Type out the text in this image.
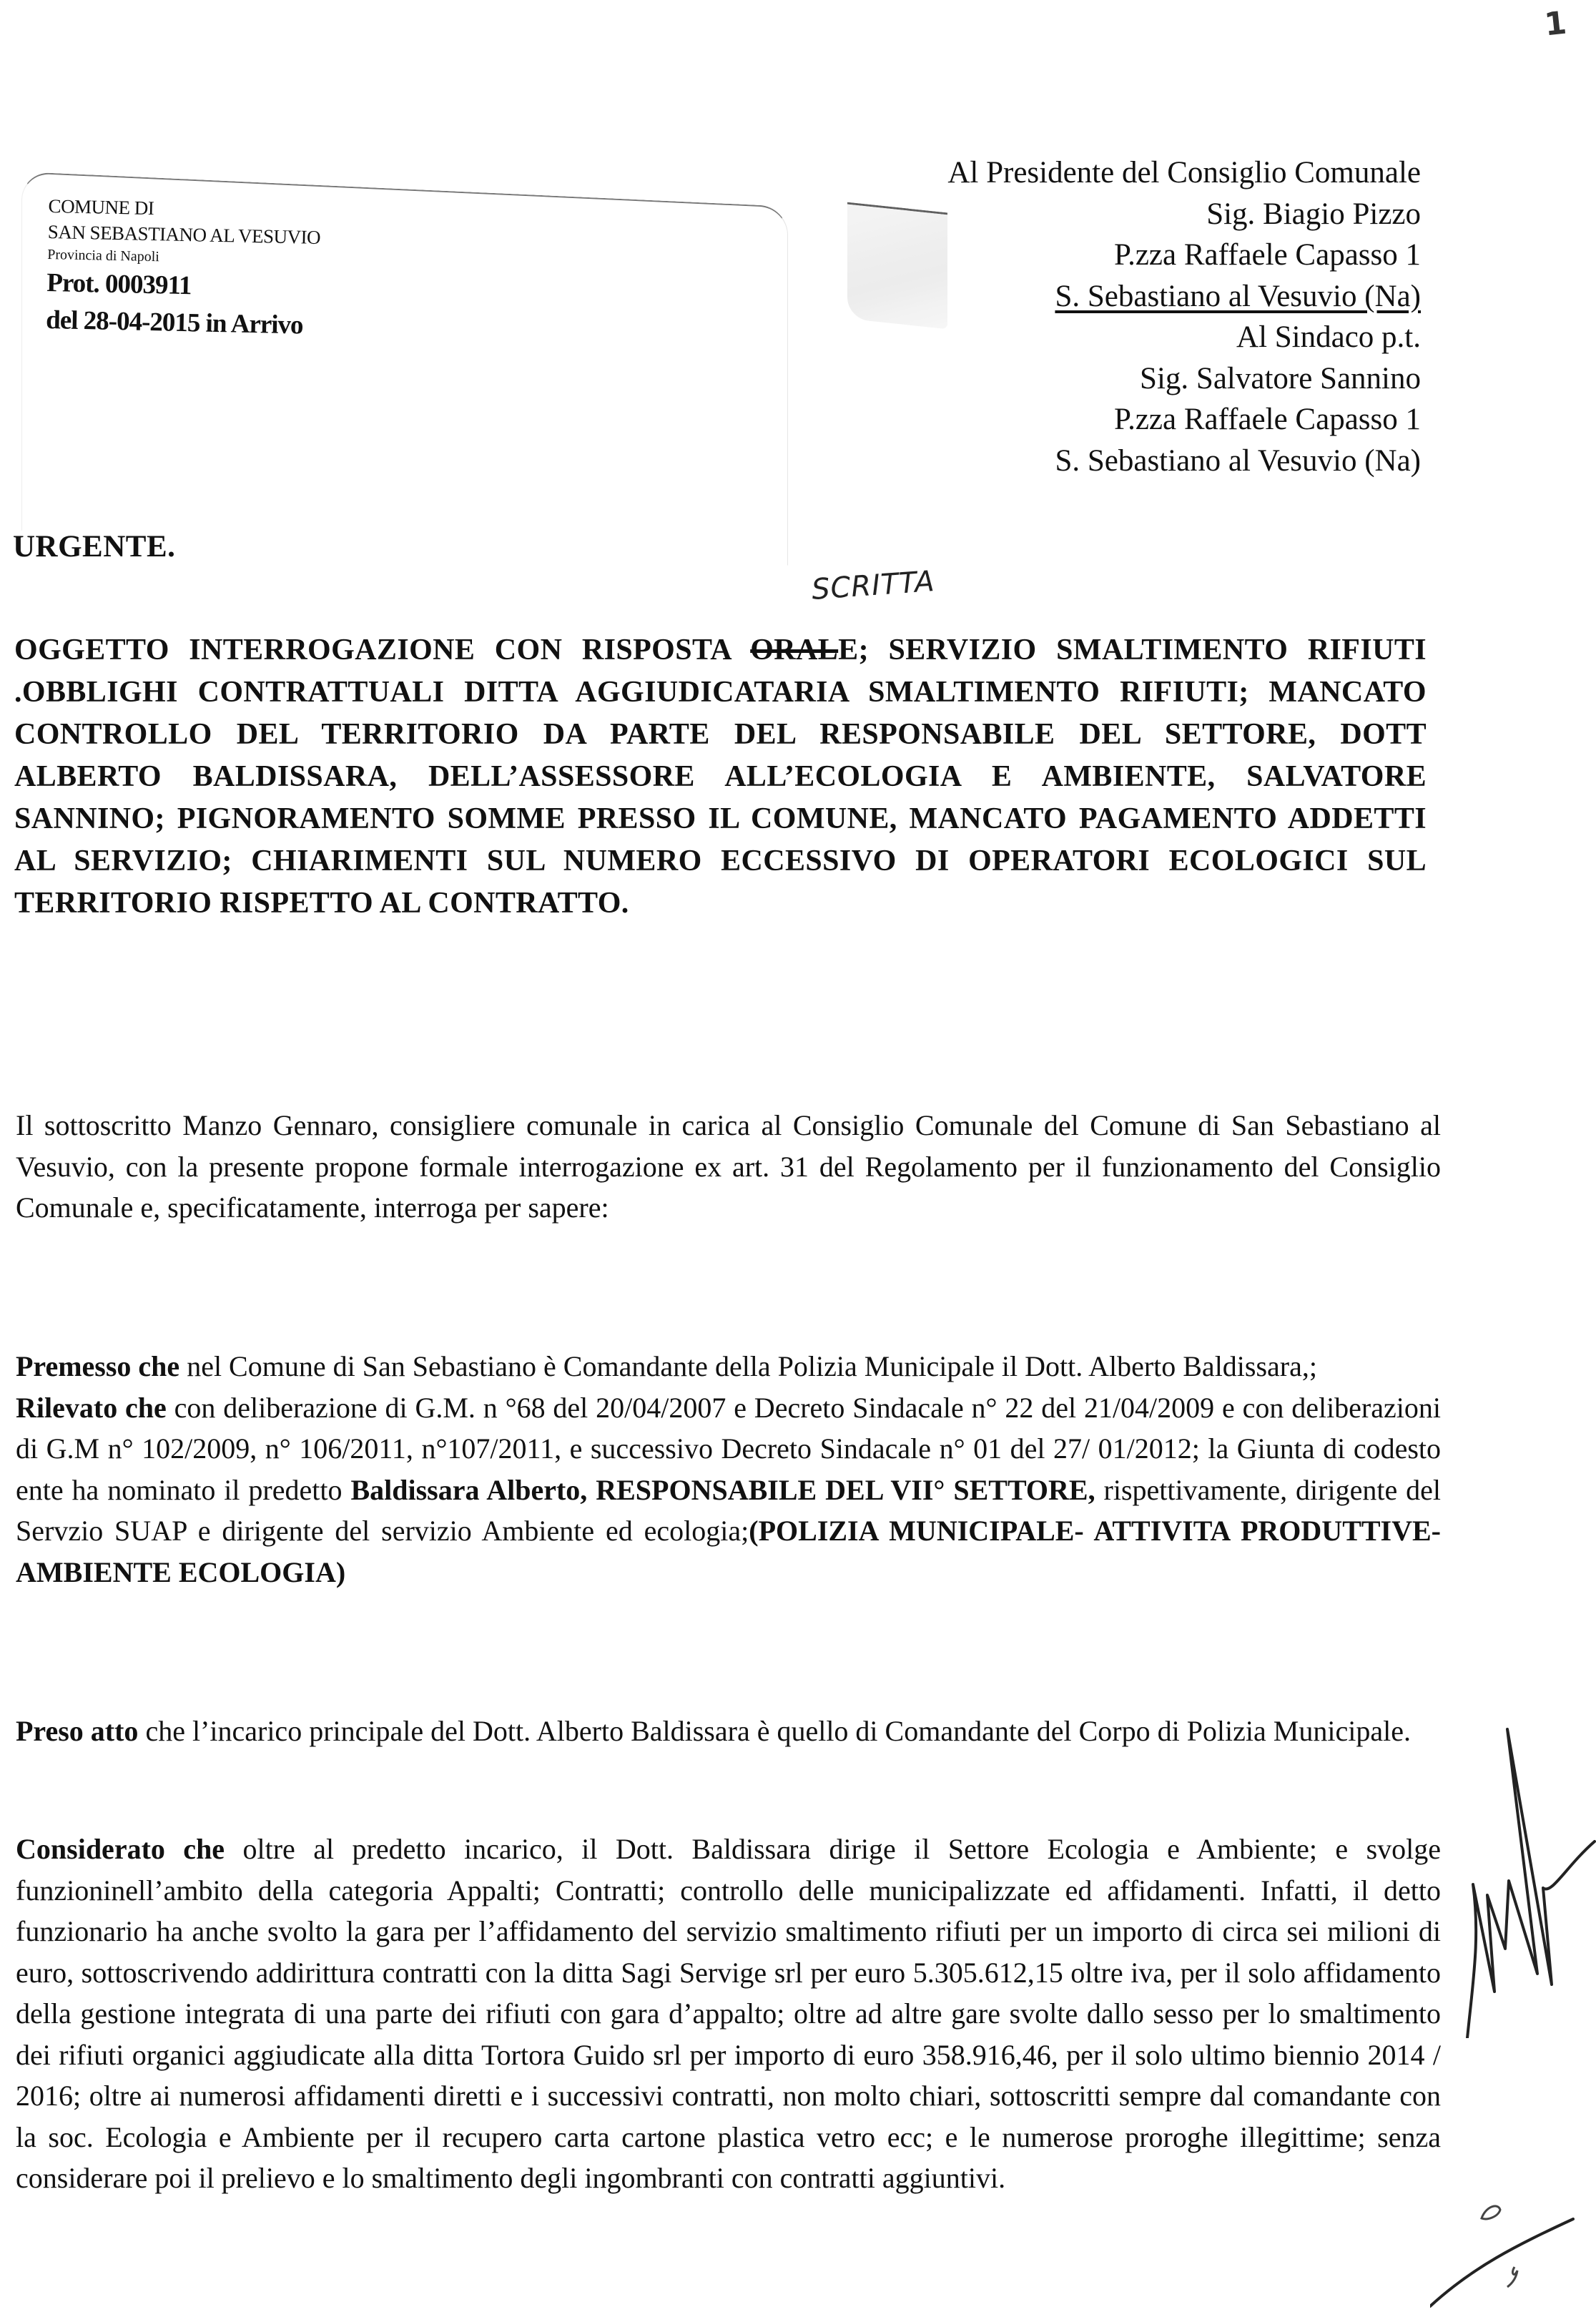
1
COMUNE DI
SAN SEBASTIANO AL VESUVIO
Provincia di Napoli
Prot. 0003911
del 28-04-2015 in Arrivo
Al Presidente del Consiglio Comunale
Sig. Biagio Pizzo
P.zza Raffaele Capasso 1
S. Sebastiano al Vesuvio (Na)
Al Sindaco p.t.
Sig. Salvatore Sannino
P.zza Raffaele Capasso 1
S. Sebastiano al Vesuvio (Na)
URGENTE.
SCRITTA
OGGETTO INTERROGAZIONE CON RISPOSTA ORALE; SERVIZIO SMALTIMENTO RIFIUTI .OBBLIGHI CONTRATTUALI DITTA AGGIUDICATARIA SMALTIMENTO RIFIUTI; MANCATO CONTROLLO DEL TERRITORIO DA PARTE DEL RESPONSABILE DEL SETTORE, DOTT ALBERTO BALDISSARA, DELL’ASSESSORE ALL’ECOLOGIA E AMBIENTE, SALVATORE SANNINO; PIGNORAMENTO SOMME PRESSO IL COMUNE, MANCATO PAGAMENTO ADDETTI AL SERVIZIO; CHIARIMENTI SUL NUMERO ECCESSIVO DI OPERATORI ECOLOGICI SUL TERRITORIO RISPETTO AL CONTRATTO.
Il sottoscritto Manzo Gennaro, consigliere comunale in carica al Consiglio Comunale del Comune di San Sebastiano al Vesuvio, con la presente propone formale interrogazione ex art. 31 del Regolamento per il funzionamento del Consiglio Comunale e, specificatamente, interroga per sapere:
Premesso che nel Comune di San Sebastiano è Comandante della Polizia Municipale il Dott. Alberto Baldissara,;
Rilevato che con deliberazione di G.M. n °68 del 20/04/2007 e Decreto Sindacale n° 22 del 21/04/2009 e con deliberazioni di G.M n° 102/2009, n° 106/2011, n°107/2011, e successivo Decreto Sindacale n° 01 del 27/ 01/2012; la Giunta di codesto ente ha nominato il predetto Baldissara Alberto, RESPONSABILE DEL VII° SETTORE, rispettivamente, dirigente del Servzio SUAP e dirigente del servizio Ambiente ed ecologia;(POLIZIA MUNICIPALE- ATTIVITA PRODUTTIVE- AMBIENTE ECOLOGIA)
Preso atto che l’incarico principale del Dott. Alberto Baldissara è quello di Comandante del Corpo di Polizia Municipale.
Considerato che oltre al predetto incarico, il Dott. Baldissara dirige il Settore Ecologia e Ambiente; e svolge funzioninell’ambito della categoria Appalti; Contratti; controllo delle municipalizzate ed affidamenti. Infatti, il detto funzionario ha anche svolto la gara per l’affidamento del servizio smaltimento rifiuti per un importo di circa sei milioni di euro, sottoscrivendo addirittura contratti con la ditta Sagi Servige srl per euro 5.305.612,15 oltre iva, per il solo affidamento della gestione integrata di una parte dei rifiuti con gara d’appalto; oltre ad altre gare svolte dallo sesso per lo smaltimento dei rifiuti organici aggiudicate alla ditta Tortora Guido srl per importo di euro 358.916,46, per il solo ultimo biennio 2014 / 2016; oltre ai numerosi affidamenti diretti e i successivi contratti, non molto chiari, sottoscritti sempre dal comandante con la soc. Ecologia e Ambiente per il recupero carta cartone plastica vetro ecc; e le numerose proroghe illegittime; senza considerare poi il prelievo e lo smaltimento degli ingombranti con contratti aggiuntivi.
